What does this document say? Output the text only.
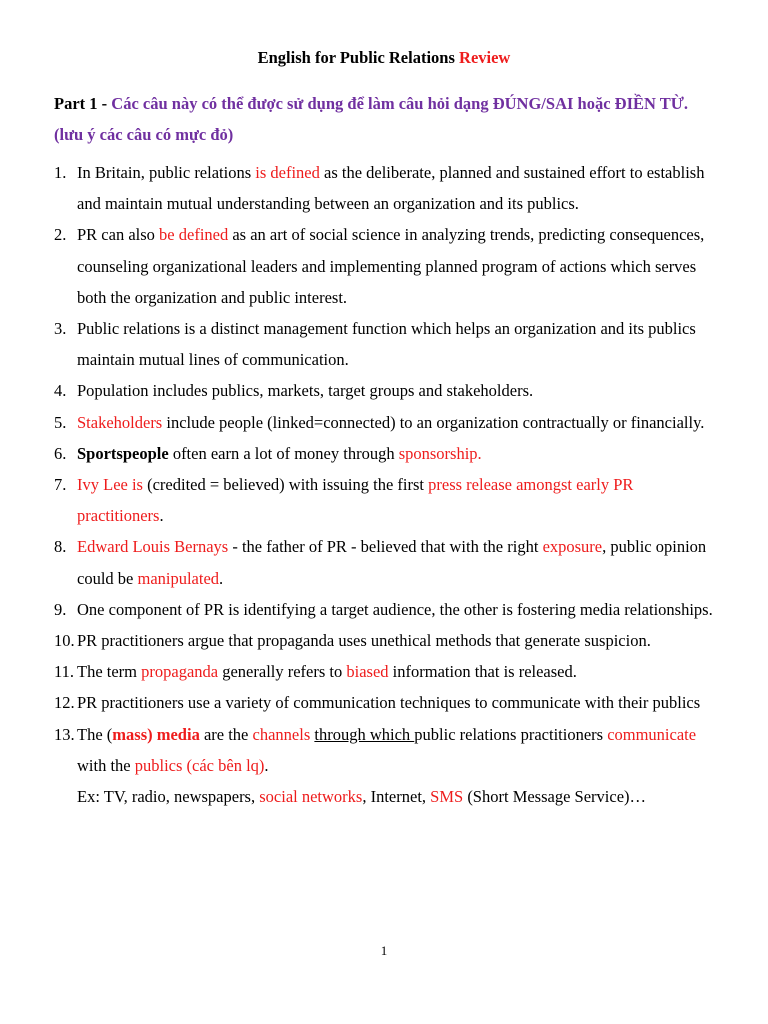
English for Public Relations Review
Part 1 - Các câu này có thể được sử dụng để làm câu hỏi dạng ĐÚNG/SAI hoặc ĐIỀN TỪ. (lưu ý các câu có mực đỏ)
1. In Britain, public relations is defined as the deliberate, planned and sustained effort to establish and maintain mutual understanding between an organization and its publics.
2. PR can also be defined as an art of social science in analyzing trends, predicting consequences, counseling organizational leaders and implementing planned program of actions which serves both the organization and public interest.
3. Public relations is a distinct management function which helps an organization and its publics maintain mutual lines of communication.
4. Population includes publics, markets, target groups and stakeholders.
5. Stakeholders include people (linked=connected) to an organization contractually or financially.
6. Sportspeople often earn a lot of money through sponsorship.
7. Ivy Lee is (credited = believed) with issuing the first press release amongst early PR practitioners.
8. Edward Louis Bernays - the father of PR - believed that with the right exposure, public opinion could be manipulated.
9. One component of PR is identifying a target audience, the other is fostering media relationships.
10. PR practitioners argue that propaganda uses unethical methods that generate suspicion.
11. The term propaganda generally refers to biased information that is released.
12. PR practitioners use a variety of communication techniques to communicate with their publics
13. The (mass) media are the channels through which public relations practitioners communicate with the publics (các bên lq).
Ex: TV, radio, newspapers, social networks, Internet, SMS (Short Message Service)…
1
